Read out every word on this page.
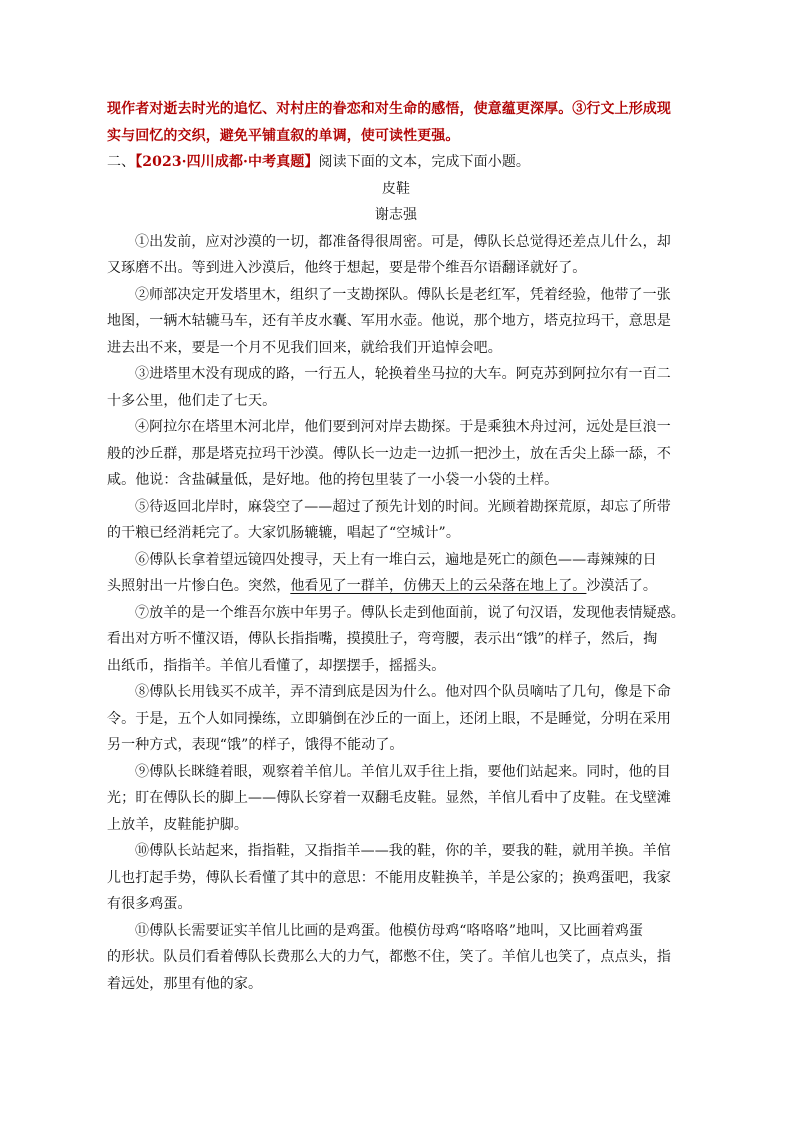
现作者对逝去时光的追忆、对村庄的眷恋和对生命的感悟，使意蕴更深厚。③行文上形成现
实与回忆的交织，避免平铺直叙的单调，使可读性更强。
二、【2023·四川成都·中考真题】阅读下面的文本，完成下面小题。
皮鞋
谢志强
①出发前，应对沙漠的一切，都准备得很周密。可是，傅队长总觉得还差点儿什么，却
又琢磨不出。等到进入沙漠后，他终于想起，要是带个维吾尔语翻译就好了。
②师部决定开发塔里木，组织了一支勘探队。傅队长是老红军，凭着经验，他带了一张
地图，一辆木轱辘马车，还有羊皮水囊、军用水壶。他说，那个地方，塔克拉玛干，意思是
进去出不来，要是一个月不见我们回来，就给我们开追悼会吧。
③进塔里木没有现成的路，一行五人，轮换着坐马拉的大车。阿克苏到阿拉尔有一百二
十多公里，他们走了七天。
④阿拉尔在塔里木河北岸，他们要到河对岸去勘探。于是乘独木舟过河，远处是巨浪一
般的沙丘群，那是塔克拉玛干沙漠。傅队长一边走一边抓一把沙土，放在舌尖上舔一舔，不
咸。他说：含盐碱量低，是好地。他的挎包里装了一小袋一小袋的土样。
⑤待返回北岸时，麻袋空了——超过了预先计划的时间。光顾着勘探荒原，却忘了所带
的干粮已经消耗完了。大家饥肠辘辘，唱起了“空城计”。
⑥傅队长拿着望远镜四处搜寻，天上有一堆白云，遍地是死亡的颜色——毒辣辣的日
头照射出一片惨白色。突然，他看见了一群羊，仿佛天上的云朵落在地上了。沙漠活了。
⑦放羊的是一个维吾尔族中年男子。傅队长走到他面前，说了句汉语，发现他表情疑惑。
看出对方听不懂汉语，傅队长指指嘴，摸摸肚子，弯弯腰，表示出“饿”的样子，然后，掏
出纸币，指指羊。羊倌儿看懂了，却摆摆手，摇摇头。
⑧傅队长用钱买不成羊，弄不清到底是因为什么。他对四个队员嘀咕了几句，像是下命
令。于是，五个人如同操练，立即躺倒在沙丘的一面上，还闭上眼，不是睡觉，分明在采用
另一种方式，表现“饿”的样子，饿得不能动了。
⑨傅队长眯缝着眼，观察着羊倌儿。羊倌儿双手往上指，要他们站起来。同时，他的目
光；盯在傅队长的脚上——傅队长穿着一双翻毛皮鞋。显然，羊倌儿看中了皮鞋。在戈壁滩
上放羊，皮鞋能护脚。
⑩傅队长站起来，指指鞋，又指指羊——我的鞋，你的羊，要我的鞋，就用羊换。羊倌
儿也打起手势，傅队长看懂了其中的意思：不能用皮鞋换羊，羊是公家的；换鸡蛋吧，我家
有很多鸡蛋。
⑪傅队长需要证实羊倌儿比画的是鸡蛋。他模仿母鸡“咯咯咯”地叫，又比画着鸡蛋
的形状。队员们看着傅队长费那么大的力气，都憋不住，笑了。羊倌儿也笑了，点点头，指
着远处，那里有他的家。
